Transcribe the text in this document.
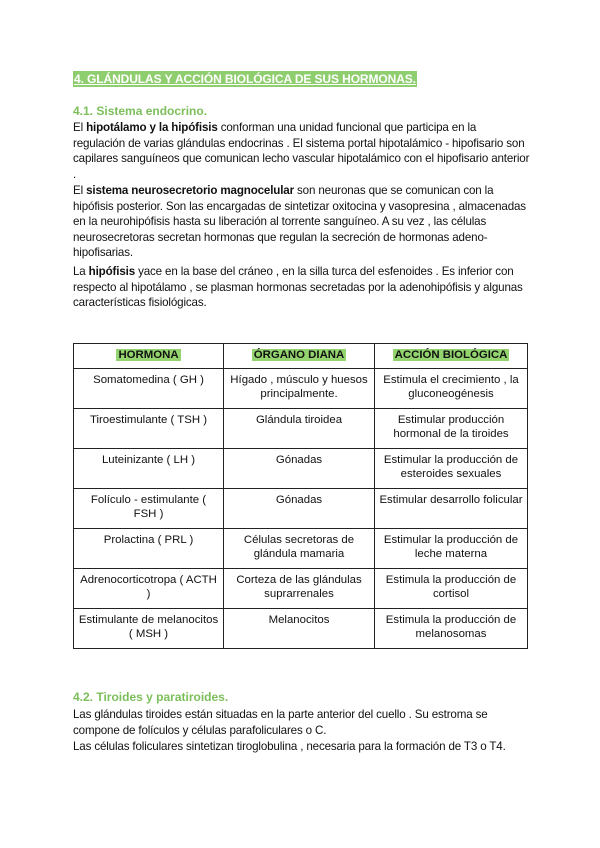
4. GLÁNDULAS Y ACCIÓN BIOLÓGICA DE SUS HORMONAS.
4.1. Sistema endocrino.
El hipotálamo y la hipófisis conforman una unidad funcional que participa en la regulación de varias glándulas endocrinas . El sistema portal hipotalámico - hipofisario son capilares sanguíneos que comunican lecho vascular hipotalámico con el hipofisario anterior .
El sistema neurosecretorio magnocelular son neuronas que se comunican con la hipófisis posterior. Son las encargadas de sintetizar oxitocina y vasopresina , almacenadas en la neurohipófisis hasta su liberación al torrente sanguíneo. A su vez , las células neurosecretoras secretan hormonas que regulan la secreción de hormonas adeno-hipofisarias.
La hipófisis yace en la base del cráneo , en la silla turca del esfenoides . Es inferior con respecto al hipotálamo , se plasman hormonas secretadas por la adenohipófisis y algunas características fisiológicas.
HORMONA	ÓRGANO DIANA	ACCIÓN BIOLÓGICA
Somatomedina ( GH )	Hígado , músculo y huesos principalmente.	Estimula el crecimiento , la gluconeogénesis
Tiroestimulante ( TSH )	Glándula tiroidea	Estimular producción hormonal de la tiroides
Luteinizante ( LH )	Gónadas	Estimular la producción de esteroides sexuales
Folículo - estimulante ( FSH )	Gónadas	Estimular desarrollo folicular
Prolactina ( PRL )	Células secretoras de glándula mamaria	Estimular la producción de leche materna
Adrenocorticotropa ( ACTH )	Corteza de las glándulas suprarrenales	Estimula la producción de cortisol
Estimulante de melanocitos ( MSH )	Melanocitos	Estimula la producción de melanosomas
4.2. Tiroides y paratiroides.
Las glándulas tiroides están situadas en la parte anterior del cuello . Su estroma se compone de folículos y células parafoliculares o C.
Las células foliculares sintetizan tiroglobulina , necesaria para la formación de T3 o T4.
